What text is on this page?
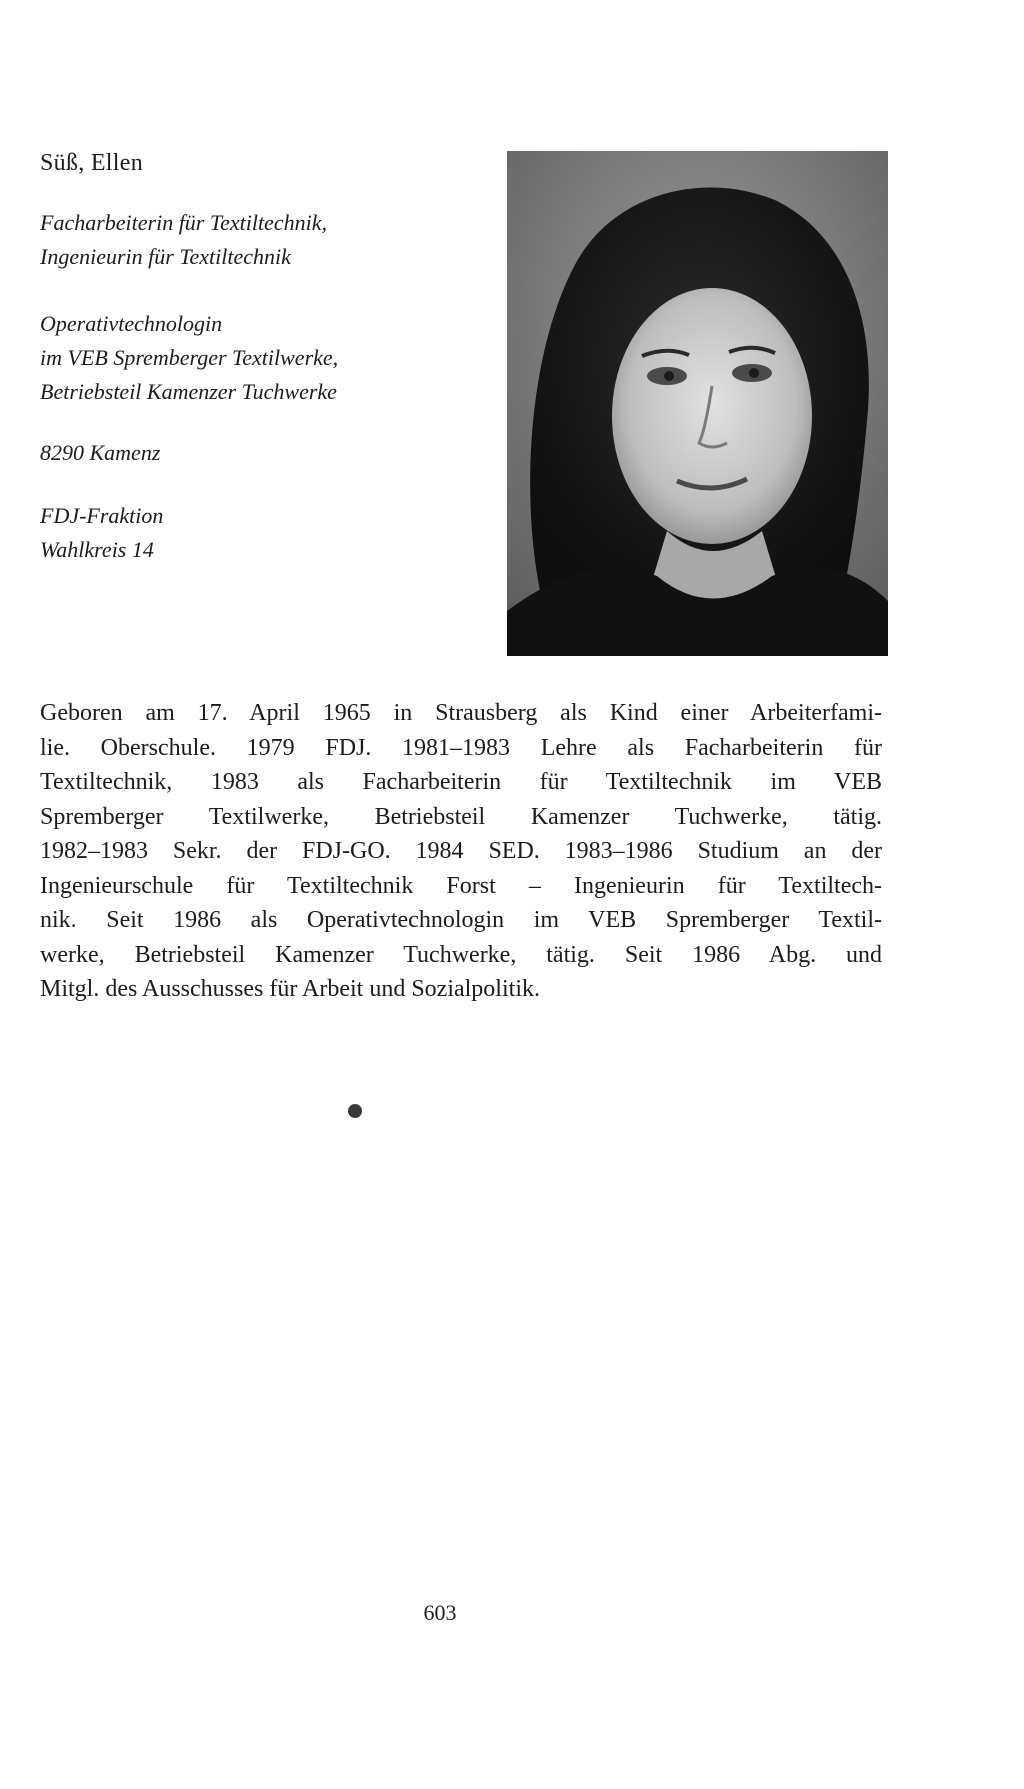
Süß, Ellen
Facharbeiterin für Textiltechnik,
Ingenieurin für Textiltechnik
Operativtechnologin
im VEB Spremberger Textilwerke,
Betriebsteil Kamenzer Tuchwerke
8290 Kamenz
FDJ-Fraktion
Wahlkreis 14
Geboren am 17. April 1965 in Strausberg als Kind einer Arbeiterfami-
lie. Oberschule. 1979 FDJ. 1981–1983 Lehre als Facharbeiterin für
Textiltechnik, 1983 als Facharbeiterin für Textiltechnik im VEB
Spremberger Textilwerke, Betriebsteil Kamenzer Tuchwerke, tätig.
1982–1983 Sekr. der FDJ-GO. 1984 SED. 1983–1986 Studium an der
Ingenieurschule für Textiltechnik Forst – Ingenieurin für Textiltech-
nik. Seit 1986 als Operativtechnologin im VEB Spremberger Textil-
werke, Betriebsteil Kamenzer Tuchwerke, tätig. Seit 1986 Abg. und
Mitgl. des Ausschusses für Arbeit und Sozialpolitik.
603
